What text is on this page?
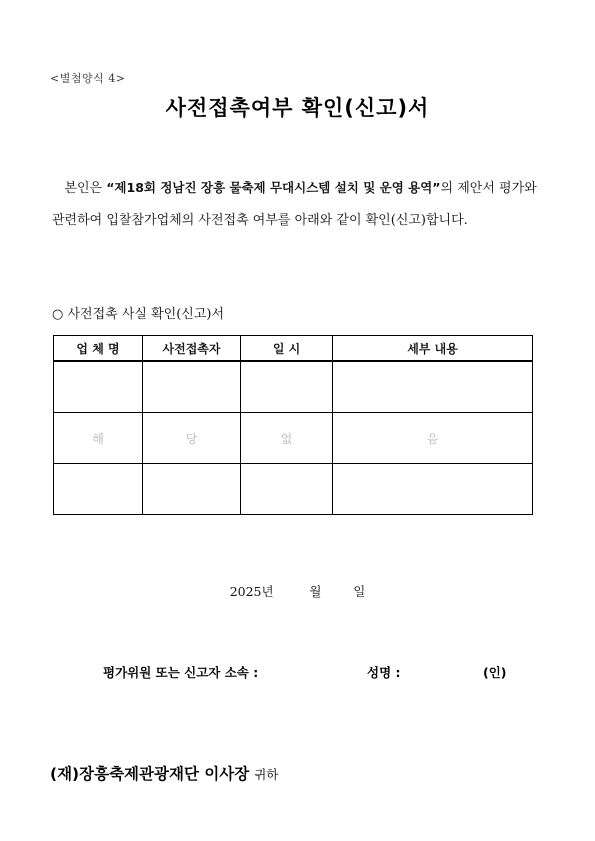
<별첨양식 4>
사전접촉여부 확인(신고)서
본인은 “제18회 정남진 장흥 물축제 무대시스템 설치 및 운영 용역”의 제안서 평가와 관련하여 입찰참가업체의 사전접촉 여부를 아래와 같이 확인(신고)합니다.
○ 사전접촉 사실 확인(신고)서
업 체 명	사전접촉자	일 시	세부 내용

해	당	없	음

2025년	월	일
평가위원 또는 신고자 소속 :	성명 :	(인)
(재)장흥축제관광재단 이사장 귀하
